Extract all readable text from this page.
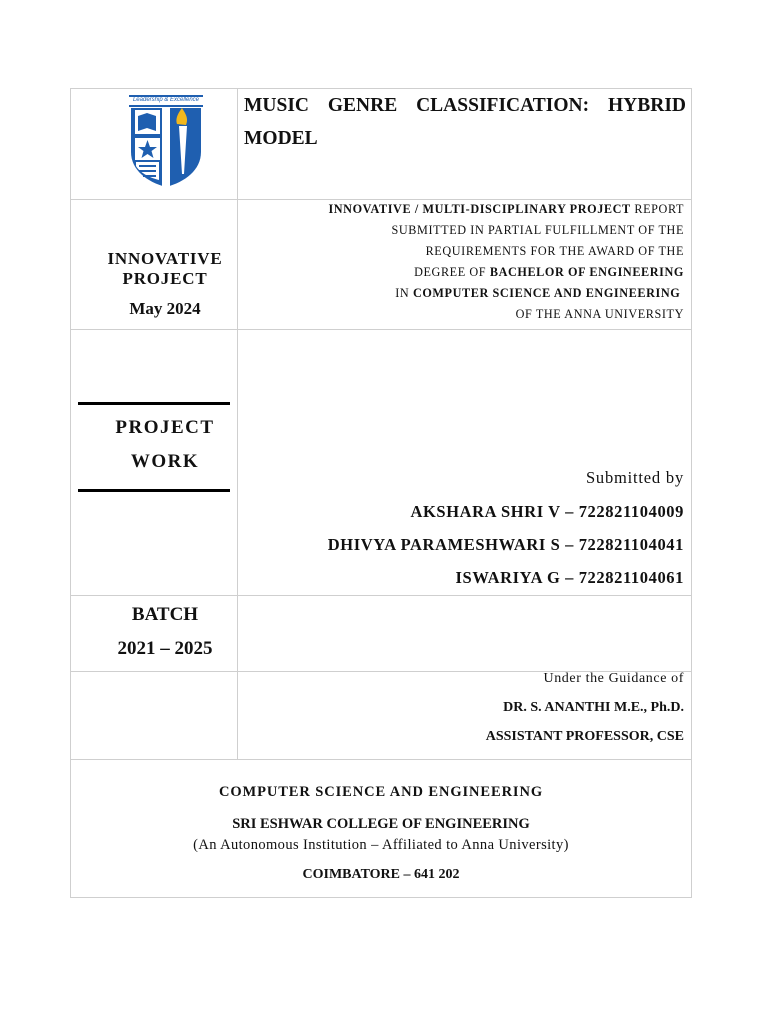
Leadership & Excellence MUSIC GENRE CLASSIFICATION: HYBRID MODEL
INNOVATIVE / MULTI-DISCIPLINARY PROJECT REPORT
SUBMITTED IN PARTIAL FULFILLMENT OF THE
REQUIREMENTS FOR THE AWARD OF THE
DEGREE OF BACHELOR OF ENGINEERING
IN COMPUTER SCIENCE AND ENGINEERING
OF THE ANNA UNIVERSITY
INNOVATIVE
PROJECT
May 2024
PROJECT
WORK
BATCH
2021 – 2025
Submitted by
AKSHARA SHRI V – 722821104009
DHIVYA PARAMESHWARI S – 722821104041
ISWARIYA G – 722821104061
Under the Guidance of
DR. S. ANANTHI M.E., Ph.D.
ASSISTANT PROFESSOR, CSE
COMPUTER SCIENCE AND ENGINEERING
SRI ESHWAR COLLEGE OF ENGINEERING
(An Autonomous Institution – Affiliated to Anna University)
COIMBATORE – 641 202
